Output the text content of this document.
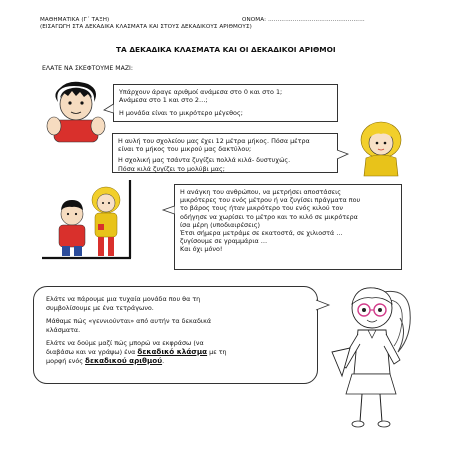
ΜΑΘΗΜΑΤΙΚΑ (Γ΄ ΤΑΞΗ)	ΟΝΟΜΑ: ……………………………………………
(ΕΙΣΑΓΩΓΗ ΣΤΑ ΔΕΚΑΔΙΚΑ ΚΛΑΣΜΑΤΑ ΚΑΙ ΣΤΟΥΣ ΔΕΚΑΔΙΚΟΥΣ ΑΡΙΘΜΟΥΣ)
ΤΑ ΔΕΚΑΔΙΚΑ ΚΛΑΣΜΑΤΑ ΚΑΙ ΟΙ ΔΕΚΑΔΙΚΟΙ ΑΡΙΘΜΟΙ
ΕΛΑΤΕ ΝΑ ΣΚΕΦΤΟΥΜΕ ΜΑΖΙ:

Υπάρχουν άραγε αριθμοί ανάμεσα στο 0 και στο 1;

Ανάμεσα στο 1 και στο 2…;

Η μονάδα είναι το μικρότερο μέγεθος;

Η αυλή του σχολείου μας έχει 12 μέτρα μήκος. Πόσα μέτρα

είναι το μήκος του μικρού μας δακτύλου;

Η σχολική μας τσάντα ζυγίζει πολλά κιλά- δυστυχώς.

Πόσα κιλά ζυγίζει το μολύβι μας;

Η ανάγκη του ανθρώπου, να μετρήσει αποστάσεις

μικρότερες του ενός μέτρου ή να ζυγίσει πράγματα που

το βάρος τους ήταν μικρότερο του ενός κιλού τον

οδήγησε να χωρίσει το μέτρο και το κιλό σε μικρότερα

ίσα μέρη (υποδιαιρέσεις)

Έτσι σήμερα μετράμε σε εκατοστά, σε χιλιοστά …

ζυγίσουμε σε γραμμάρια …

Και όχι μόνο!

Ελάτε να πάρουμε μια τυχαία μονάδα που θα τη
συμβολίσουμε με ένα τετράγωνο.

Μάθαμε πώς «γεννιούνται» από αυτήν τα δεκαδικά
κλάσματα.

Ελάτε να δούμε μαζί πώς μπορώ να εκφράσω (να
διαβάσω και να γράψω) ένα δεκαδικό κλάσμα με τη
μορφή ενός δεκαδικού αριθμού.
